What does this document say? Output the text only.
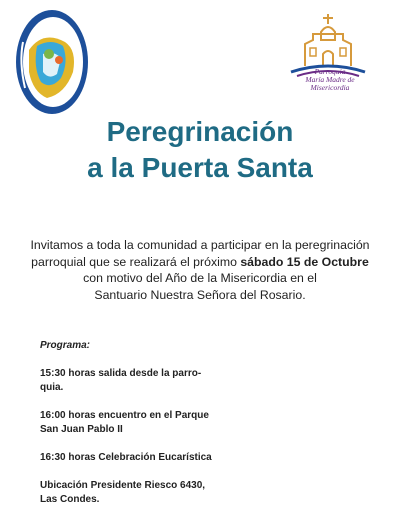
Parroquia
María Madre de
Misericordia
Peregrinación
a la Puerta Santa
Invitamos a toda la comunidad a participar en la peregrinación
parroquial que se realizará el próximo sábado 15 de Octubre
con motivo del Año de la Misericordia en el
Santuario Nuestra Señora del Rosario.
Programa:
15:30 horas salida desde la parro-
quia.
16:00 horas encuentro en el Parque
San Juan Pablo II
16:30 horas Celebración Eucarística
Ubicación Presidente Riesco 6430,
Las Condes.
